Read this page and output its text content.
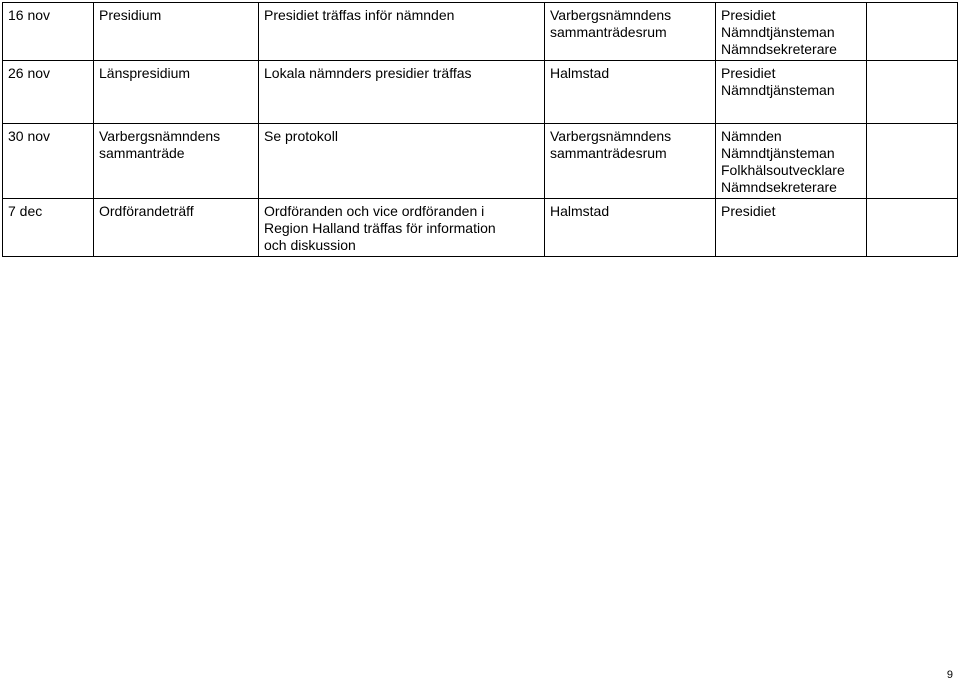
16 nov	Presidium	Presidiet träffas inför nämnden	Varbergsnämndens
sammanträdesrum	Presidiet
Nämndtjänsteman
Nämndsekreterare	

26 nov	Länspresidium	Lokala nämnders presidier träffas	Halmstad	Presidiet
Nämndtjänsteman	

30 nov	Varbergsnämndens
sammanträde	Se protokoll	Varbergsnämndens
sammanträdesrum	Nämnden
Nämndtjänsteman
Folkhälsoutvecklare
Nämndsekreterare	

7 dec	Ordförandeträff	Ordföranden och vice ordföranden i
Region Halland träffas för information
och diskussion	Halmstad	Presidiet	

9
